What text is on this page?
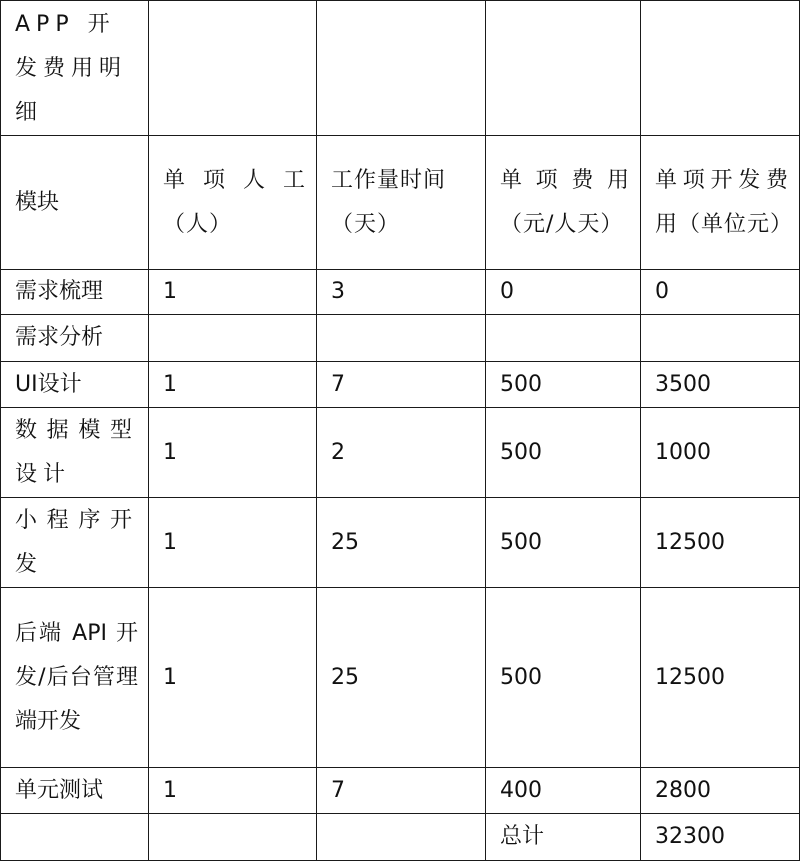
APP 开发费用明细				
模块	单项人工（人）	工作量时间（天）	单项费用（元/人天）	单项开发费用（单位元）
需求梳理	1	3	0	0
需求分析				
UI设计	1	7	500	3500
数据模型设计	1	2	500	1000
小程序开发	1	25	500	12500
后端 API 开发/后台管理端开发	1	25	500	12500
单元测试	1	7	400	2800
			总计	32300
